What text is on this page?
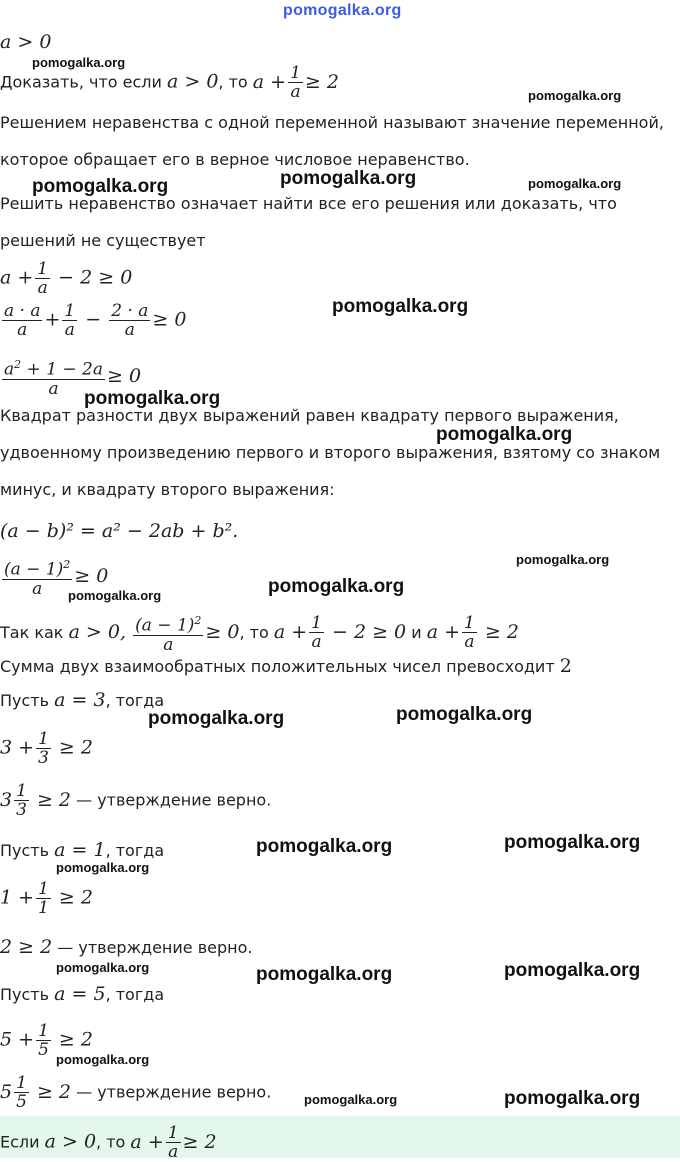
pomogalka.org
a > 0
Доказать, что если a > 0, то $a + \frac{1}{a} \ge 2$
Решением неравенства с одной переменной называют значение переменной,
которое обращает его в верное числовое неравенство.
Решить неравенство означает найти все его решения или доказать, что
решений не существует
$a + \frac{1}{a} - 2 \ge 0$
$\frac{a \cdot a}{a} + \frac{1}{a} - \frac{2 \cdot a}{a} \ge 0$
$\frac{a^2 + 1 - 2a}{a} \ge 0$
Квадрат разности двух выражений равен квадрату первого выражения,
удвоенному произведению первого и второго выражения, взятому со знаком
минус, и квадрату второго выражения:
(a − b)² = a² − 2ab + b².
$\frac{(a - 1)^2}{a} \ge 0$
Так как a > 0, $\frac{(a - 1)^2}{a} \ge 0$, то $a + \frac{1}{a} - 2 \ge 0$ и $a + \frac{1}{a} \ge 2$
Сумма двух взаимообратных положительных чисел превосходит 2
Пусть a = 3, тогда
$3 + \frac{1}{3} \ge 2$
$3 \frac{1}{3} \ge 2$ — утверждение верно.
Пусть a = 1, тогда
$1 + \frac{1}{1} \ge 2$
2 ≥ 2 — утверждение верно.
Пусть a = 5, тогда
$5 + \frac{1}{5} \ge 2$
$5 \frac{1}{5} \ge 2$ — утверждение верно.
Если a > 0, то $a + \frac{1}{a} \ge 2$
pomogalka.org
pomogalka.org
pomogalka.org	pomogalka.org	pomogalka.org
pomogalka.org
pomogalka.org
pomogalka.org
pomogalka.org
pomogalka.org
pomogalka.org
pomogalka.org	pomogalka.org
pomogalka.org	pomogalka.org
pomogalka.org
pomogalka.org	pomogalka.org	pomogalka.org
pomogalka.org
pomogalka.org	pomogalka.org
